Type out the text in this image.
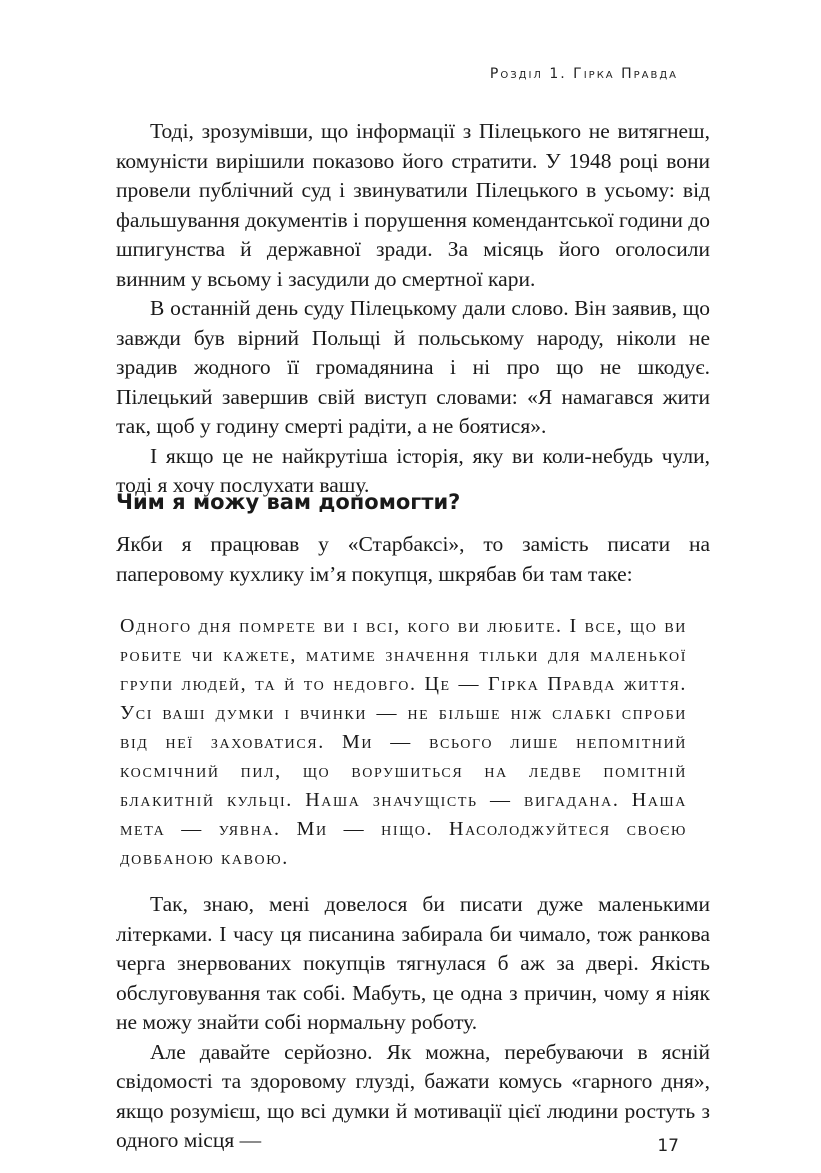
Розділ 1. Гірка Правда

Тоді, зрозумівши, що інформації з Пілецького не витягнеш, комуністи вирішили показово його стратити. У 1948 році вони провели публічний суд і звинуватили Пілецького в усьому: від фальшування документів і порушення комендантської години до шпигунства й державної зради. За місяць його оголосили винним у всьому і засудили до смертної кари.

В останній день суду Пілецькому дали слово. Він заявив, що завжди був вірний Польщі й польському народу, ніколи не зрадив жодного її громадянина і ні про що не шкодує. Пілецький завершив свій виступ словами: «Я намагався жити так, щоб у годину смерті радіти, а не боятися».

І якщо це не найкрутіша історія, яку ви коли-небудь чули, тоді я хочу послухати вашу.

Чим я можу вам допомогти?

Якби я працював у «Старбаксі», то замість писати на паперовому кухлику ім’я покупця, шкрябав би там таке:

Одного дня помрете ви і всі, кого ви любите. І все, що ви робите чи кажете, матиме значення тільки для маленької групи людей, та й то недовго. Це — Гірка Правда життя. Усі ваші думки і вчинки — не більше ніж слабкі спроби від неї заховатися. Ми — всього лише непомітний космічний пил, що ворушиться на ледве помітній блакитній кульці. Наша значущість — вигадана. Наша мета — уявна. Ми — ніщо. Насолоджуйтеся своєю довбаною кавою.

Так, знаю, мені довелося би писати дуже маленькими літерками. І часу ця писанина забирала би чимало, тож ранкова черга знервованих покупців тягнулася б аж за двері. Якість обслуговування так собі. Мабуть, це одна з причин, чому я ніяк не можу знайти собі нормальну роботу.

Але давайте серйозно. Як можна, перебуваючи в ясній свідомості та здоровому глузді, бажати комусь «гарного дня», якщо розумієш, що всі думки й мотивації цієї людини ростуть з одного місця —	17
